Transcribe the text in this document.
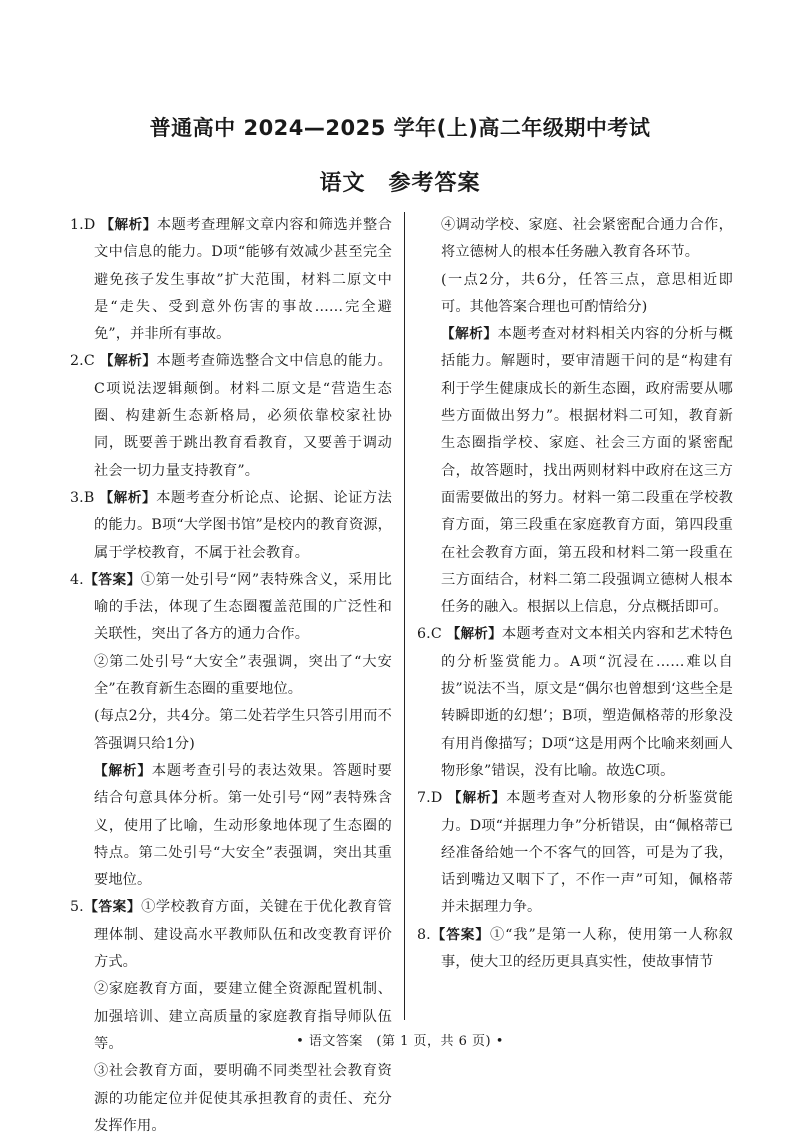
普通高中 2024—2025 学年(上)高二年级期中考试
语文　参考答案

1.D 【解析】本题考查理解文章内容和筛选并整合文中信息的能力。D项“能够有效减少甚至完全避免孩子发生事故”扩大范围，材料二原文中是“走失、受到意外伤害的事故……完全避免”，并非所有事故。

2.C 【解析】本题考查筛选整合文中信息的能力。C项说法逻辑颠倒。材料二原文是“营造生态圈、构建新生态新格局，必须依靠校家社协同，既要善于跳出教育看教育，又要善于调动社会一切力量支持教育”。

3.B 【解析】本题考查分析论点、论据、论证方法的能力。B项“大学图书馆”是校内的教育资源，属于学校教育，不属于社会教育。

4.【答案】①第一处引号“网”表特殊含义，采用比喻的手法，体现了生态圈覆盖范围的广泛性和关联性，突出了各方的通力合作。

②第二处引号“大安全”表强调，突出了“大安全”在教育新生态圈的重要地位。

(每点2分，共4分。第二处若学生只答引用而不答强调只给1分)

【解析】本题考查引号的表达效果。答题时要结合句意具体分析。第一处引号“网”表特殊含义，使用了比喻，生动形象地体现了生态圈的特点。第二处引号“大安全”表强调，突出其重要地位。

5.【答案】①学校教育方面，关键在于优化教育管理体制、建设高水平教师队伍和改变教育评价方式。

②家庭教育方面，要建立健全资源配置机制、加强培训、建立高质量的家庭教育指导师队伍等。

③社会教育方面，要明确不同类型社会教育资源的功能定位并促使其承担教育的责任、充分发挥作用。

④调动学校、家庭、社会紧密配合通力合作，将立德树人的根本任务融入教育各环节。

(一点2分，共6分，任答三点，意思相近即可。其他答案合理也可酌情给分)

【解析】本题考查对材料相关内容的分析与概括能力。解题时，要审清题干问的是“构建有利于学生健康成长的新生态圈，政府需要从哪些方面做出努力”。根据材料二可知，教育新生态圈指学校、家庭、社会三方面的紧密配合，故答题时，找出两则材料中政府在这三方面需要做出的努力。材料一第二段重在学校教育方面，第三段重在家庭教育方面，第四段重在社会教育方面，第五段和材料二第一段重在三方面结合，材料二第二段强调立德树人根本任务的融入。根据以上信息，分点概括即可。

6.C 【解析】本题考查对文本相关内容和艺术特色的分析鉴赏能力。A项“沉浸在……难以自拔”说法不当，原文是“偶尔也曾想到‘这些全是转瞬即逝的幻想’；B项，塑造佩格蒂的形象没有用肖像描写；D项“这是用两个比喻来刻画人物形象”错误，没有比喻。故选C项。

7.D 【解析】本题考查对人物形象的分析鉴赏能力。D项“并据理力争”分析错误，由“佩格蒂已经准备给她一个不客气的回答，可是为了我，话到嘴边又咽下了，不作一声”可知，佩格蒂并未据理力争。

8.【答案】①“我”是第一人称，使用第一人称叙事，使大卫的经历更具真实性，使故事情节

• 语文答案　(第 1 页，共 6 页) •
